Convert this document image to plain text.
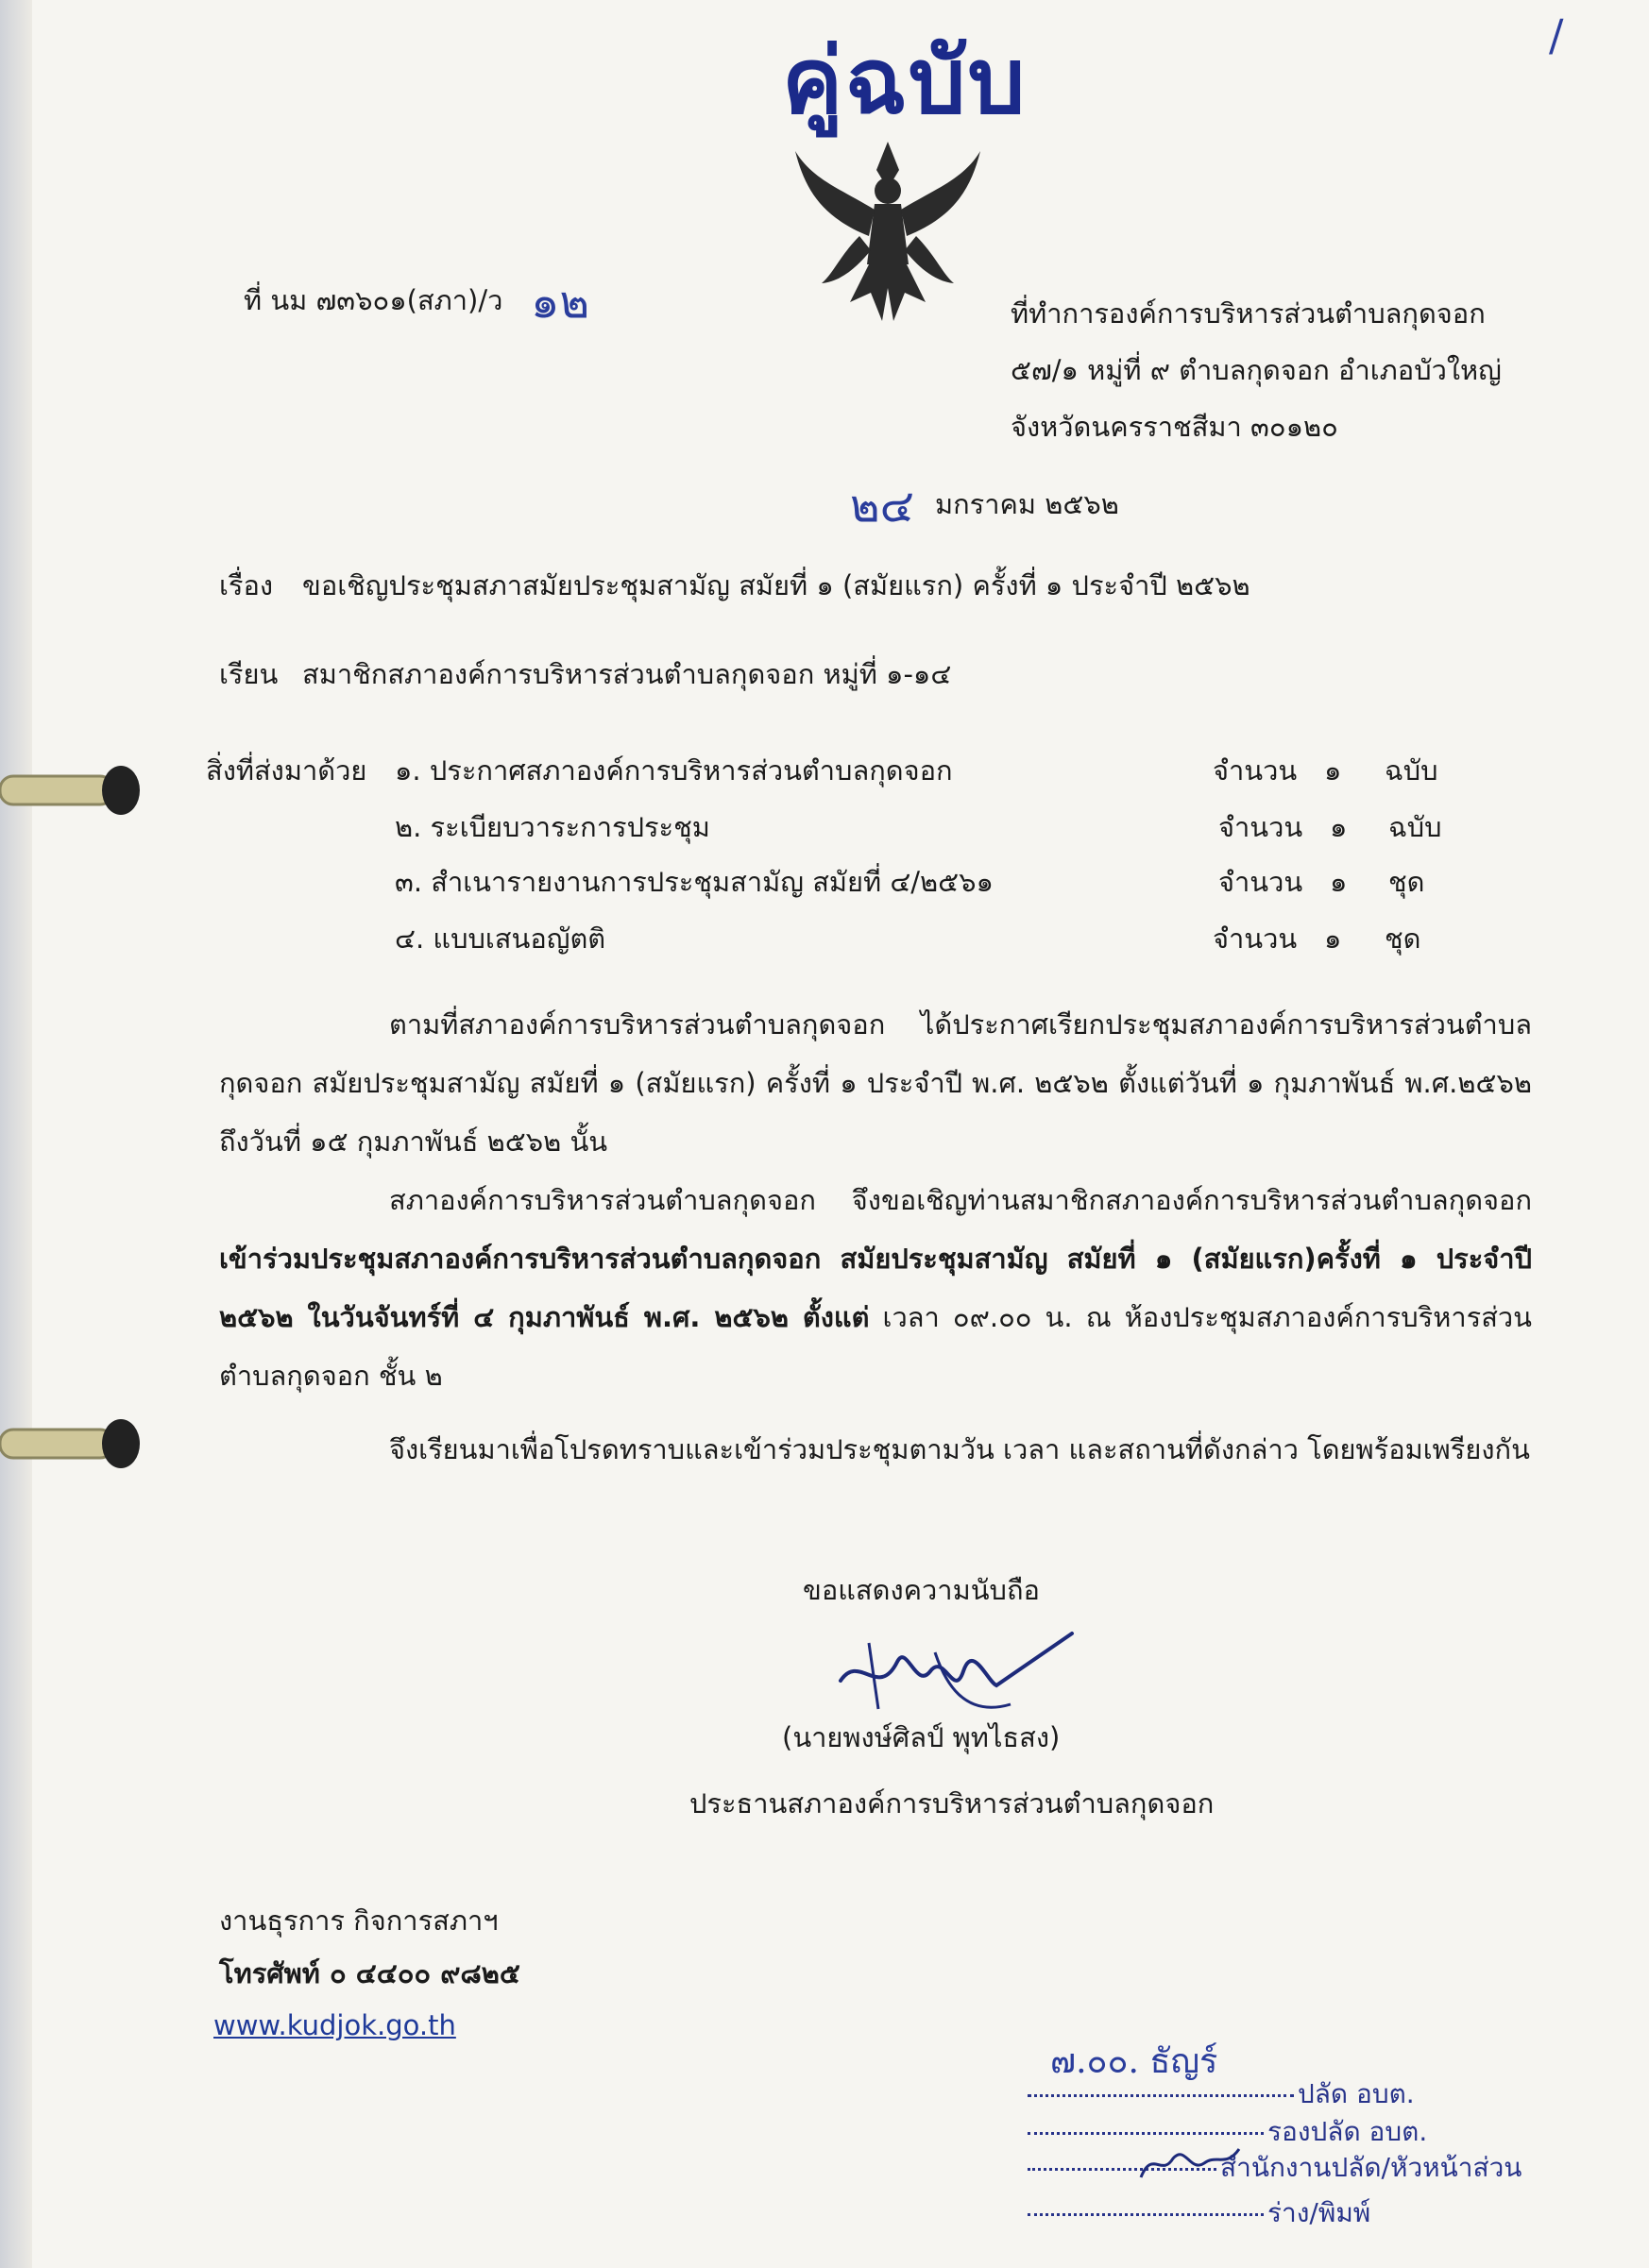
/
คู่ฉบับ
ที่ นม ๗๓๖๐๑(สภา)/ว ๑๒	ที่ทำการองค์การบริหารส่วนตำบลกุดจอก
๕๗/๑ หมู่ที่ ๙ ตำบลกุดจอก อำเภอบัวใหญ่
จังหวัดนครราชสีมา ๓๐๑๒๐
๒๔ มกราคม ๒๕๖๒
เรื่อง ขอเชิญประชุมสภาสมัยประชุมสามัญ สมัยที่ ๑ (สมัยแรก) ครั้งที่ ๑ ประจำปี ๒๕๖๒
เรียน สมาชิกสภาองค์การบริหารส่วนตำบลกุดจอก หมู่ที่ ๑-๑๔
สิ่งที่ส่งมาด้วย ๑. ประกาศสภาองค์การบริหารส่วนตำบลกุดจอก	จำนวน ๑ ฉบับ
๒. ระเบียบวาระการประชุม	จำนวน ๑ ฉบับ
๓. สำเนารายงานการประชุมสามัญ สมัยที่ ๔/๒๕๖๑	จำนวน ๑ ชุด
๔. แบบเสนอญัตติ	จำนวน ๑ ชุด
ตามที่สภาองค์การบริหารส่วนตำบลกุดจอก ได้ประกาศเรียกประชุมสภาองค์การบริหารส่วนตำบลกุดจอก สมัยประชุมสามัญ สมัยที่ ๑ (สมัยแรก) ครั้งที่ ๑ ประจำปี พ.ศ. ๒๕๖๒ ตั้งแต่วันที่ ๑ กุมภาพันธ์ พ.ศ.๒๕๖๒ ถึงวันที่ ๑๕ กุมภาพันธ์ ๒๕๖๒ นั้น
สภาองค์การบริหารส่วนตำบลกุดจอก จึงขอเชิญท่านสมาชิกสภาองค์การบริหารส่วนตำบลกุดจอก เข้าร่วมประชุมสภาองค์การบริหารส่วนตำบลกุดจอก สมัยประชุมสามัญ สมัยที่ ๑ (สมัยแรก)ครั้งที่ ๑ ประจำปี ๒๕๖๒ ในวันจันทร์ที่ ๔ กุมภาพันธ์ พ.ศ. ๒๕๖๒ ตั้งแต่ เวลา ๐๙.๐๐ น. ณ ห้องประชุมสภาองค์การบริหารส่วนตำบลกุดจอก ชั้น ๒
จึงเรียนมาเพื่อโปรดทราบและเข้าร่วมประชุมตามวัน เวลา และสถานที่ดังกล่าว โดยพร้อมเพรียงกัน
ขอแสดงความนับถือ
(นายพงษ์ศิลป์ พุทไธสง)
ประธานสภาองค์การบริหารส่วนตำบลกุดจอก
งานธุรการ กิจการสภาฯ
โทรศัพท์ ๐ ๔๔๐๐ ๙๘๒๕
www.kudjok.go.th
๗.๐๐. ธัญร์
ปลัด อบต.
รองปลัด อบต.
สำนักงานปลัด/หัวหน้าส่วน
ร่าง/พิมพ์
